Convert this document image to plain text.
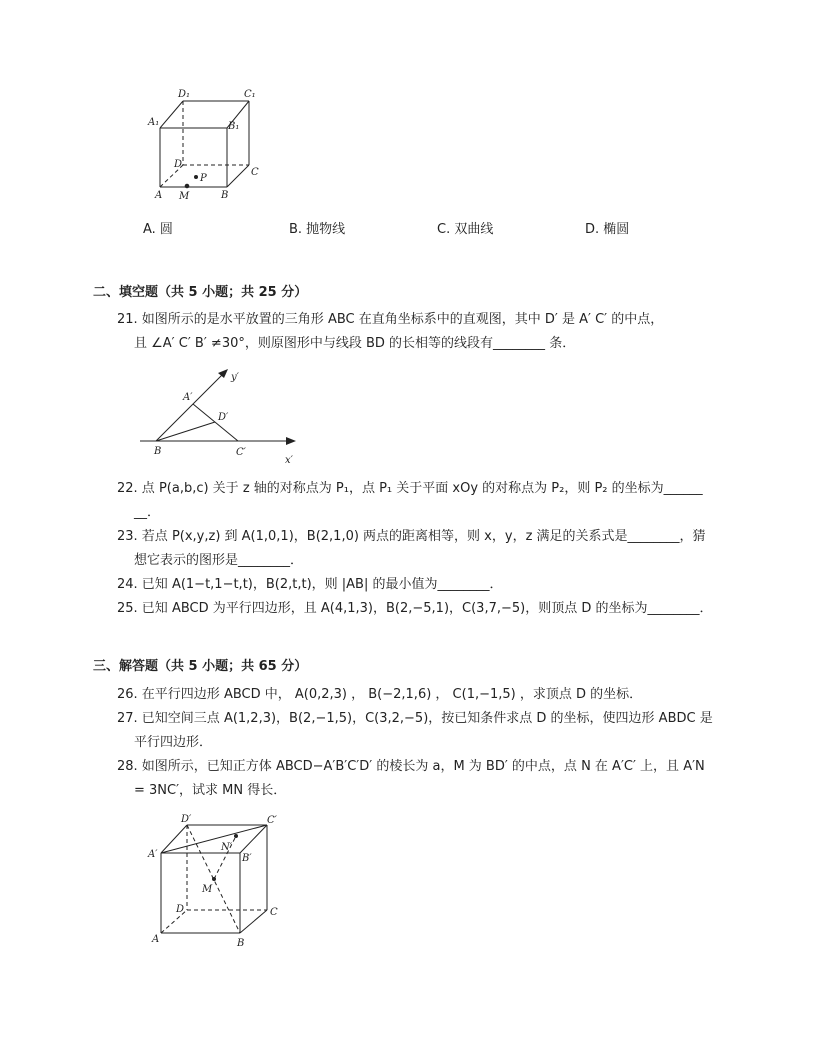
D₁	C₁
A₁	B₁
D
C
P
A M	B
A. 圆	B. 抛物线	C. 双曲线	D. 椭圆
二、填空题（共 5 小题；共 25 分）
21. 如图所示的是水平放置的三角形 ABC 在直角坐标系中的直观图，其中 D′ 是 A′ C′ 的中点，
且 ∠A′ C′ B′ ≠30°，则原图形中与线段 BD 的长相等的线段有________ 条．
y′
A′
D′
B	C′
x′
22. 点 P(a,b,c) 关于 z 轴的对称点为 P₁，点 P₁ 关于平面 xOy 的对称点为 P₂，则 P₂ 的坐标为______
__．
23. 若点 P(x,y,z) 到 A(1,0,1)，B(2,1,0) 两点的距离相等，则 x，y，z 满足的关系式是________，猜
想它表示的图形是________．
24. 已知 A(1−t,1−t,t)，B(2,t,t)，则 |AB| 的最小值为________．
25. 已知 ABCD 为平行四边形，且 A(4,1,3)，B(2,−5,1)，C(3,7,−5)，则顶点 D 的坐标为________．
三、解答题（共 5 小题；共 65 分）
26. 在平行四边形 ABCD 中， A(0,2,3) ， B(−2,1,6) ， C(1,−1,5) ，求顶点 D 的坐标．
27. 已知空间三点 A(1,2,3)，B(2,−1,5)，C(3,2,−5)，按已知条件求点 D 的坐标，使四边形 ABDC 是
平行四边形．
28. 如图所示，已知正方体 ABCD−A′B′C′D′ 的棱长为 a，M 为 BD′ 的中点，点 N 在 A′C′ 上，且 A′N
= 3NC′，试求 MN 得长．
D′	C′
N′
A′	B′
M
D	C
A	B
